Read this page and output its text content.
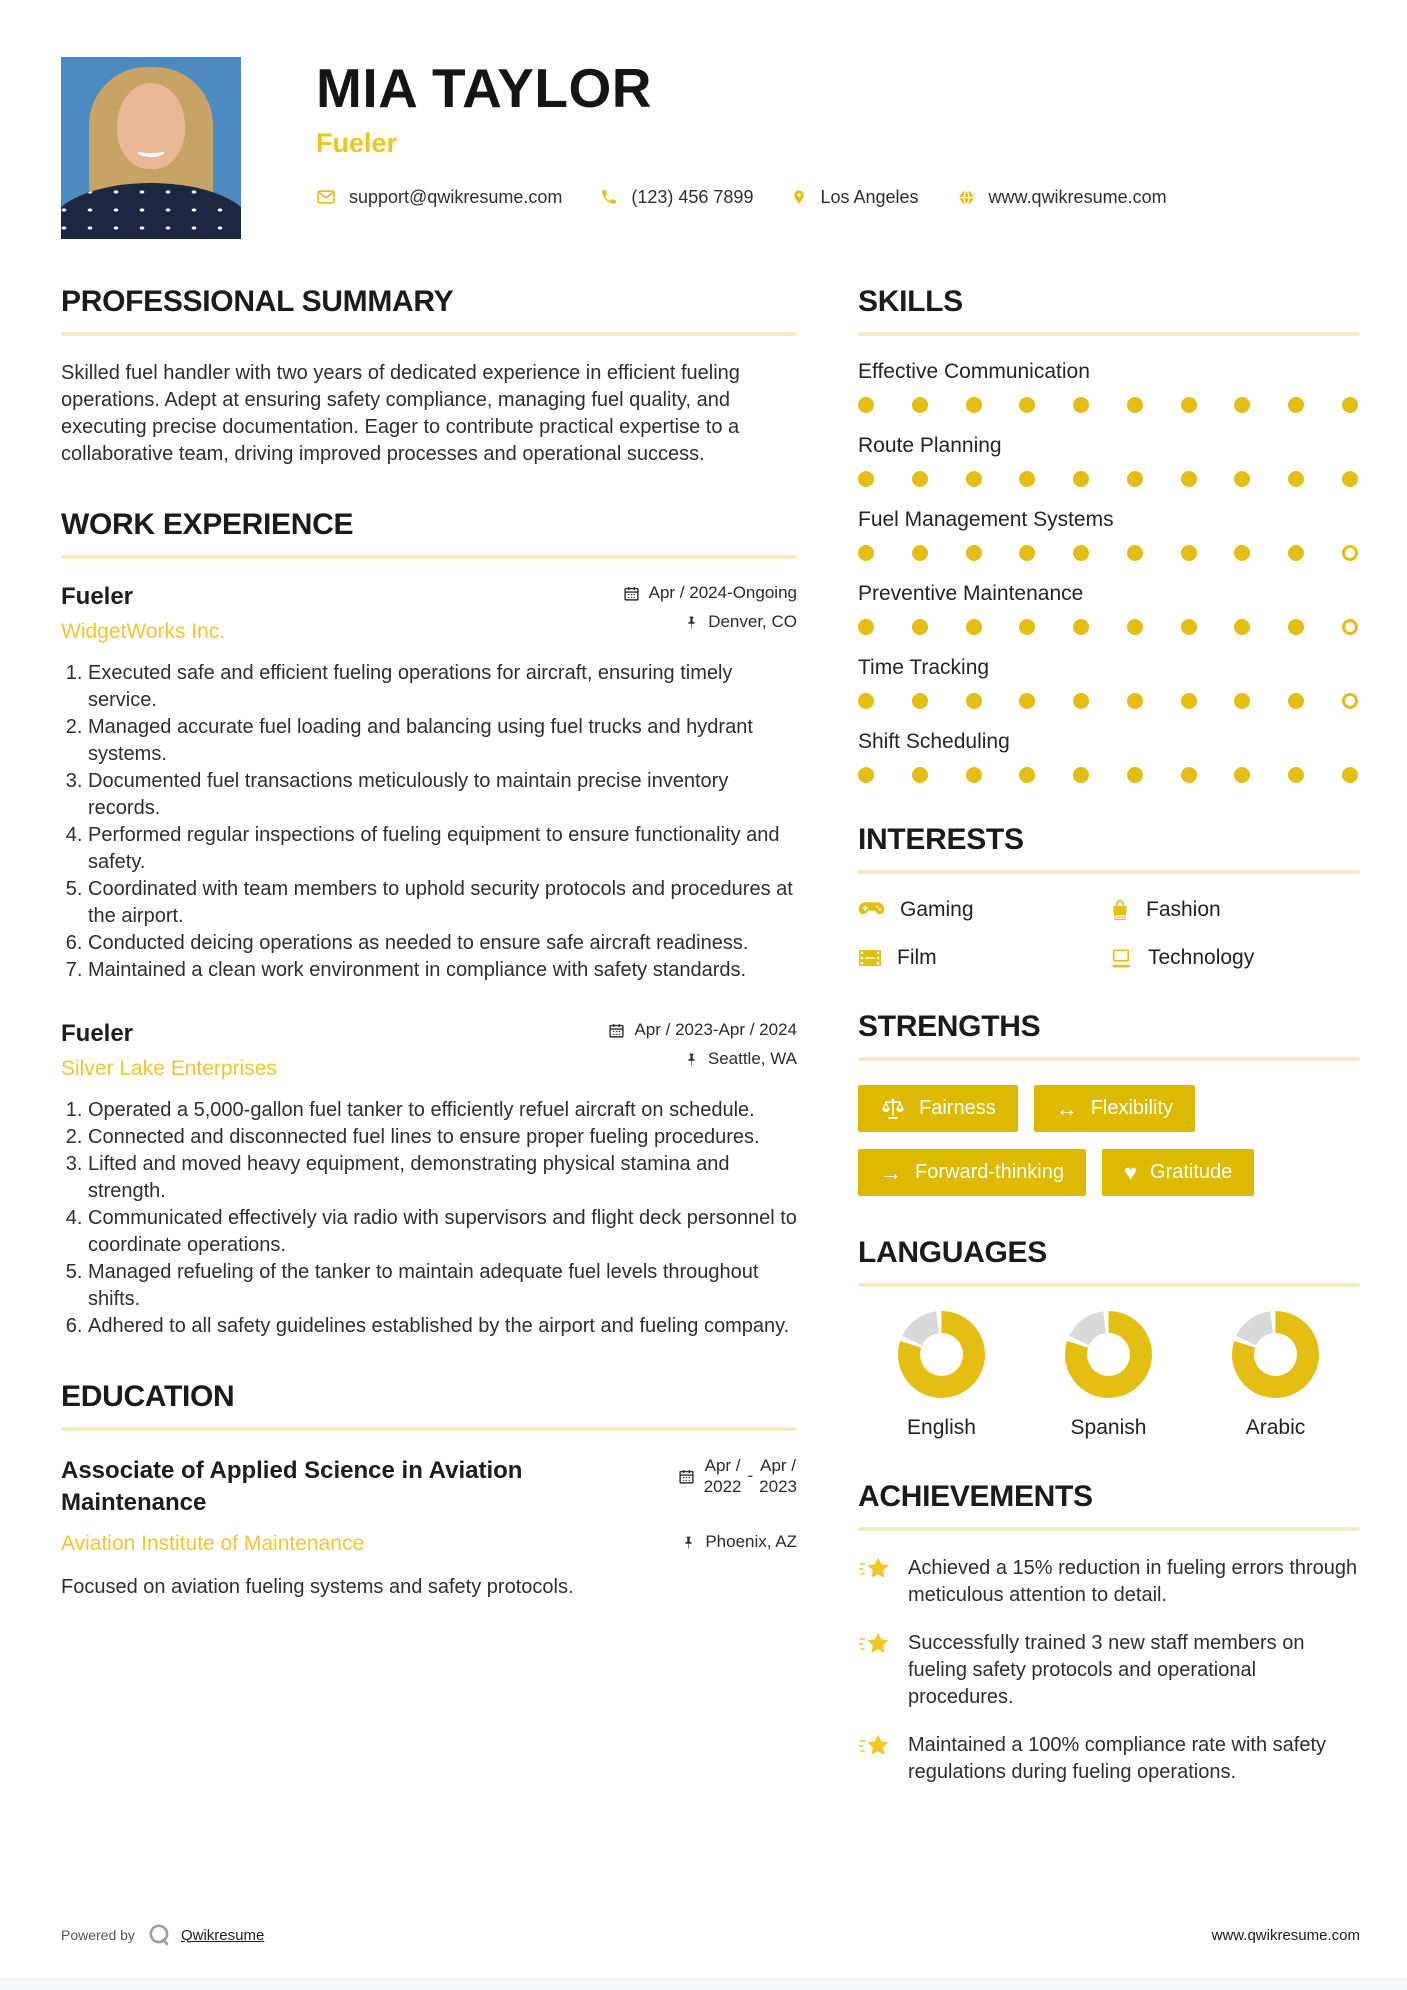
MIA TAYLOR
Fueler
support@qwikresume.com	(123) 456 7899	Los Angeles	www.qwikresume.com
PROFESSIONAL SUMMARY

Skilled fuel handler with two years of dedicated experience in efficient fueling operations. Adept at ensuring safety compliance, managing fuel quality, and executing precise documentation. Eager to contribute practical expertise to a collaborative team, driving improved processes and operational success.

WORK EXPERIENCE
Fueler
WidgetWorks Inc.
Apr / 2024-Ongoing
Denver, CO
1. Executed safe and efficient fueling operations for aircraft, ensuring timely service.
2. Managed accurate fuel loading and balancing using fuel trucks and hydrant systems.
3. Documented fuel transactions meticulously to maintain precise inventory records.
4. Performed regular inspections of fueling equipment to ensure functionality and safety.
5. Coordinated with team members to uphold security protocols and procedures at the airport.
6. Conducted deicing operations as needed to ensure safe aircraft readiness.
7. Maintained a clean work environment in compliance with safety standards.
Fueler
Silver Lake Enterprises
Apr / 2023-Apr / 2024
Seattle, WA
1. Operated a 5,000-gallon fuel tanker to efficiently refuel aircraft on schedule.
2. Connected and disconnected fuel lines to ensure proper fueling procedures.
3. Lifted and moved heavy equipment, demonstrating physical stamina and strength.
4. Communicated effectively via radio with supervisors and flight deck personnel to coordinate operations.
5. Managed refueling of the tanker to maintain adequate fuel levels throughout shifts.
6. Adhered to all safety guidelines established by the airport and fueling company.
EDUCATION
Associate of Applied Science in Aviation Maintenance
Apr /
2022
-
Apr /
2023
Aviation Institute of Maintenance	Phoenix, AZ

Focused on aviation fueling systems and safety protocols.

SKILLS
Effective Communication
Route Planning
Fuel Management Systems
Preventive Maintenance
Time Tracking
Shift Scheduling
INTERESTS
Gaming	Fashion
Film	Technology
STRENGTHS
Fairness	↔ Flexibility
→ Forward-thinking	♥ Gratitude
LANGUAGES
English	Spanish	Arabic
ACHIEVEMENTS
Achieved a 15% reduction in fueling errors through meticulous attention to detail.
Successfully trained 3 new staff members on fueling safety protocols and operational procedures.
Maintained a 100% compliance rate with safety regulations during fueling operations.
Powered by	Qwikresume	www.qwikresume.com
